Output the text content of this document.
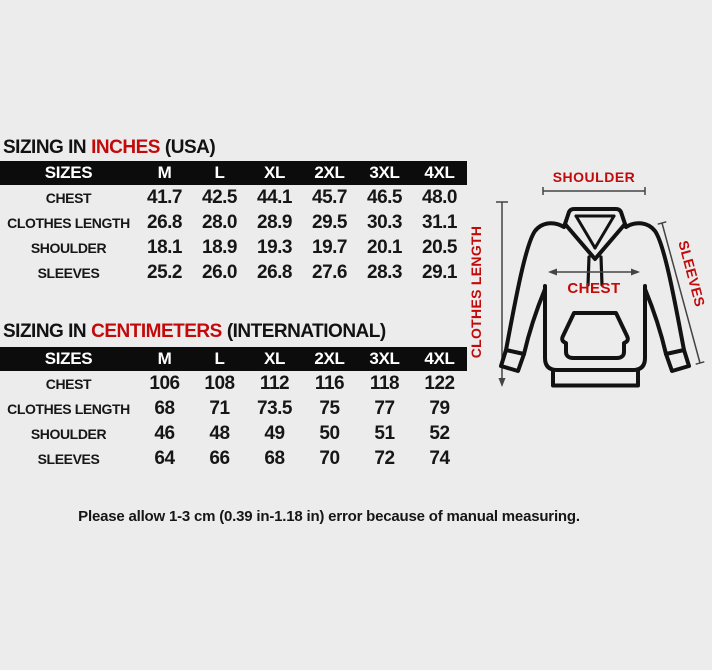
SIZING IN INCHES (USA)
SIZES	M	L	XL	2XL	3XL	4XL
CHEST	41.7	42.5	44.1	45.7	46.5	48.0
CLOTHES LENGTH 26.8	28.0	28.9	29.5	30.3	31.1
SHOULDER	18.1	18.9	19.3	19.7	20.1	20.5
SLEEVES	25.2	26.0	26.8	27.6	28.3	29.1
SIZING IN CENTIMETERS (INTERNATIONAL)
SIZES	M	L	XL	2XL	3XL	4XL
CHEST	106	108	112	116	118	122
CLOTHES LENGTH	68	71	73.5	75	77	79
SHOULDER	46	48	49	50	51	52
SLEEVES	64	66	68	70	72	74
Please allow 1-3 cm (0.39 in-1.18 in) error because of manual measuring.
SHOULDER
CHEST
CLOTHES LENGTH	SLEEVES
